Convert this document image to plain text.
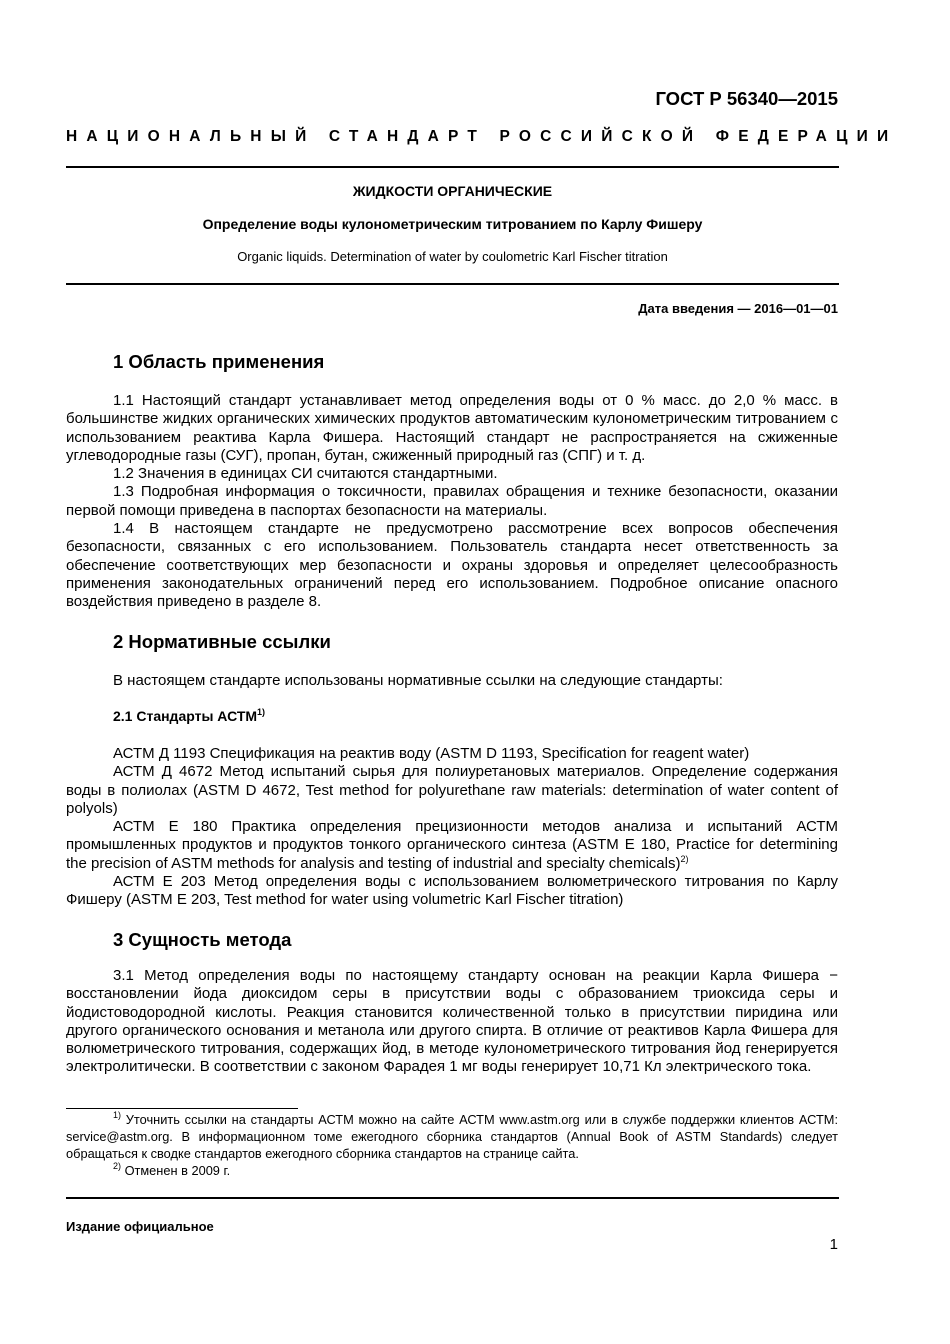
ГОСТ Р 56340—2015
НАЦИОНАЛЬНЫЙ СТАНДАРТ РОССИЙСКОЙ ФЕДЕРАЦИИ
ЖИДКОСТИ ОРГАНИЧЕСКИЕ
Определение воды кулонометрическим титрованием по Карлу Фишеру
Organic liquids. Determination of water by coulometric Karl Fischer titration
Дата введения — 2016—01—01
1 Область применения

1.1 Настоящий стандарт устанавливает метод определения воды от 0 % масс. до 2,0 % масс. в большинстве жидких органических химических продуктов автоматическим кулонометрическим титрованием с использованием реактива Карла Фишера. Настоящий стандарт не распространяется на сжиженные углеводородные газы (СУГ), пропан, бутан, сжиженный природный газ (СПГ) и т. д.

1.2 Значения в единицах СИ считаются стандартными.

1.3 Подробная информация о токсичности, правилах обращения и технике безопасности, оказании первой помощи приведена в паспортах безопасности на материалы.

1.4 В настоящем стандарте не предусмотрено рассмотрение всех вопросов обеспечения безопасности, связанных с его использованием. Пользователь стандарта несет ответственность за обеспечение соответствующих мер безопасности и охраны здоровья и определяет целесообразность применения законодательных ограничений перед его использованием. Подробное описание опасного воздействия приведено в разделе 8.

2 Нормативные ссылки

В настоящем стандарте использованы нормативные ссылки на следующие стандарты:

2.1 Стандарты АСТМ$^{1)}$

АСТМ Д 1193 Спецификация на реактив воду (ASTM D 1193, Specification for reagent water)

АСТМ Д 4672 Метод испытаний сырья для полиуретановых материалов. Определение содержания воды в полиолах (ASTM D 4672, Test method for polyurethane raw materials: determination of water content of polyols)

АСТМ Е 180 Практика определения прецизионности методов анализа и испытаний АСТМ промышленных продуктов и продуктов тонкого органического синтеза (ASTM E 180, Practice for determining the precision of ASTM methods for analysis and testing of industrial and specialty chemicals)$^{2)}$

АСТМ Е 203 Метод определения воды с использованием волюметрического титрования по Карлу Фишеру (ASTM E 203, Test method for water using volumetric Karl Fischer titration)

3 Сущность метода

3.1 Метод определения воды по настоящему стандарту основан на реакции Карла Фишера − восстановлении йода диоксидом серы в присутствии воды с образованием триоксида серы и йодистоводородной кислоты. Реакция становится количественной только в присутствии пиридина или другого органического основания и метанола или другого спирта. В отличие от реактивов Карла Фишера для волюметрического титрования, содержащих йод, в методе кулонометрического титрования йод генерируется электролитически. В соответствии с законом Фарадея 1 мг воды генерирует 10,71 Кл электрического тока.

$^{1)}$ Уточнить ссылки на стандарты АСТМ можно на сайте АСТМ www.astm.org или в службе поддержки клиентов АСТМ: service@astm.org. В информационном томе ежегодного сборника стандартов (Annual Book of ASTM Standards) следует обращаться к сводке стандартов ежегодного сборника стандартов на странице сайта.

$^{2)}$ Отменен в 2009 г.

Издание официальное
1
